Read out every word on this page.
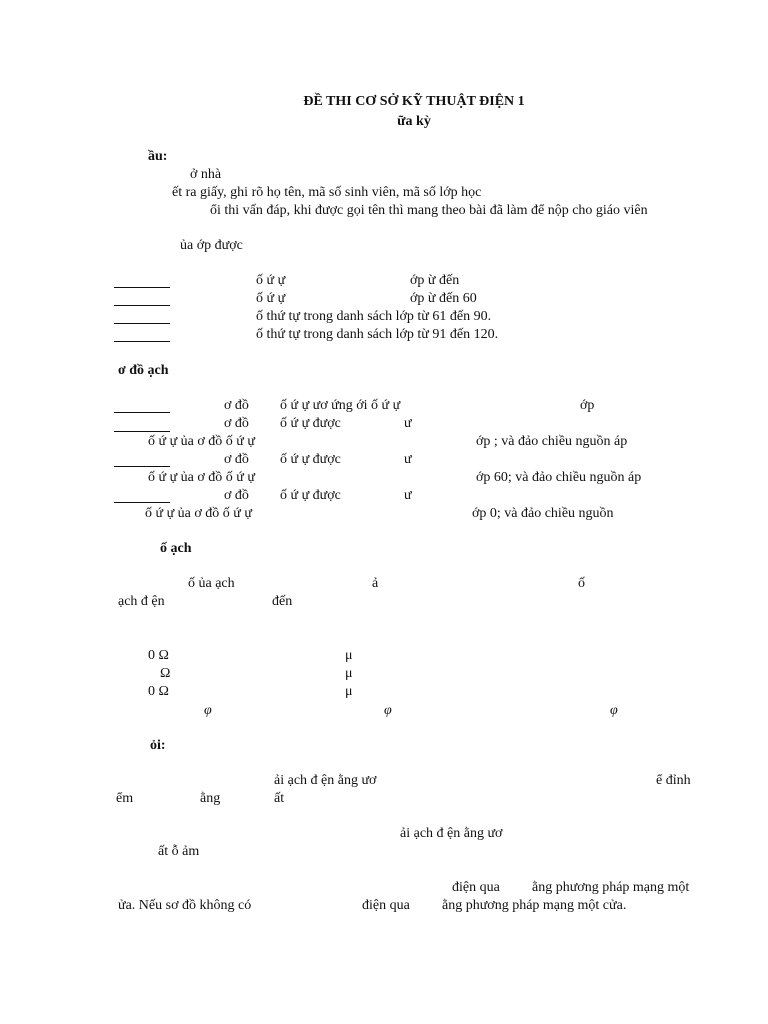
ĐỀ THI CƠ SỞ KỸ THUẬT ĐIỆN 1
ữa kỳ
ầu:
ở nhà
ết ra giấy, ghi rõ họ tên, mã số sinh viên, mã số lớp học
ổi thi vấn đáp, khi được gọi tên thì mang theo bài đã làm để nộp cho giáo viên
ủa ớp được
ố ứ ự	ớp ừ đến
ố ứ ự	ớp ừ đến 60
ố thứ tự trong danh sách lớp từ 61 đến 90.
ố thứ tự trong danh sách lớp từ 91 đến 120.
ơ đồ ạch
ơ đồ ố ứ ự ươ ứng ới ố ứ ự	ớp
ơ đồ ố ứ ự được	ư
ố ứ ự ủa ơ đồ ố ứ ự	ớp ; và đảo chiều nguồn áp
ơ đồ ố ứ ự được	ư
ố ứ ự ủa ơ đồ ố ứ ự	ớp 60; và đảo chiều nguồn áp
ơ đồ ố ứ ự được	ư
ố ứ ự ủa ơ đồ ố ứ ự	ớp 0; và đảo chiều nguồn
ố ạch
ố ủa ạch	ả	ố
ạch đ ện	đến
0 Ω	μ
Ω	μ
0 Ω	μ
φ	φ	φ
ỏi:
ải ạch đ ện ằng ươ	ể đỉnh
ểm	ằng	ất
ải ạch đ ện ằng ươ
ất ỗ ảm
điện qua ằng phương pháp mạng một
ửa. Nếu sơ đồ không có	điện qua ằng phương pháp mạng một cửa.
